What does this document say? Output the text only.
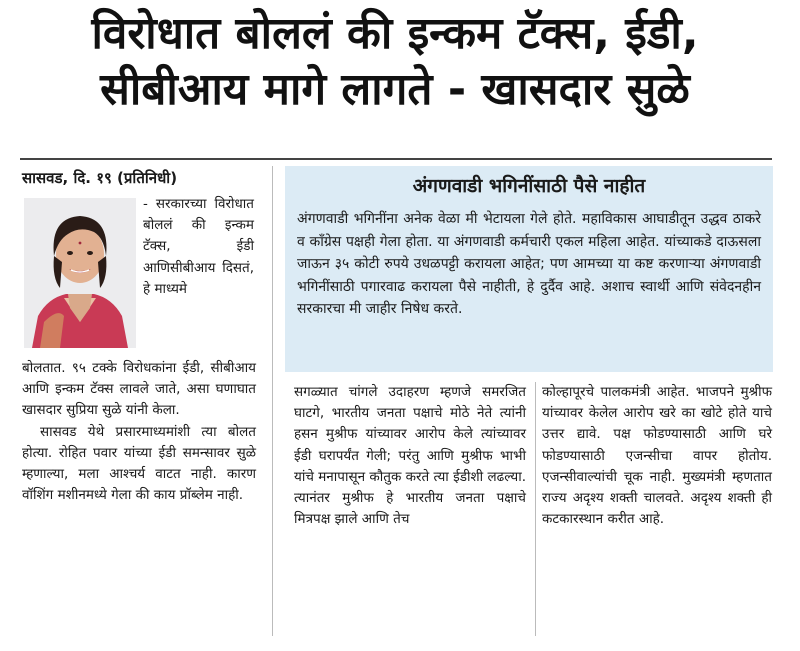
विरोधात बोललं की इन्कम टॅक्स, ईडी,
सीबीआय मागे लागते - खासदार सुळे
सासवड, दि. १९ (प्रतिनिधी)
- सरकारच्या विरोधात बोललं की इन्कम टॅक्स, ईडी आणिसीबीआय दिसतं, हे माध्यमे

बोलतात. ९५ टक्के विरोधकांना ईडी, सीबीआय आणि इन्कम टॅक्स लावले जाते, असा घणाघात खासदार सुप्रिया सुळे यांनी केला.

सासवड येथे प्रसारमाध्यमांशी त्या बोलत होत्या. रोहित पवार यांच्या ईडी समन्सावर सुळे म्हणाल्या, मला आश्चर्य वाटत नाही. कारण वॉशिंग मशीनमध्ये गेला की काय प्रॉब्लेम नाही.

अंगणवाडी भगिनींसाठी पैसे नाहीत
अंगणवाडी भगिनींना अनेक वेळा मी भेटायला गेले होते. महाविकास आघाडीतून उद्धव ठाकरे व काँग्रेस पक्षही गेला होता. या अंगणवाडी कर्मचारी एकल महिला आहेत. यांच्याकडे दाऊसला जाऊन ३५ कोटी रुपये उधळपट्टी करायला आहेत; पण आमच्या या कष्ट करणाऱ्या अंगणवाडी भगिनींसाठी पगारवाढ करायला पैसे नाहीती, हे दुर्दैव आहे. अशाच स्वार्थी आणि संवेदनहीन सरकारचा मी जाहीर निषेध करते.
सगळ्यात चांगले उदाहरण म्हणजे समरजित घाटगे, भारतीय जनता पक्षाचे मोठे नेते त्यांनी हसन मुश्रीफ यांच्यावर आरोप केले त्यांच्यावर ईडी घरापर्यंत गेली; परंतु आणि मुश्रीफ भाभी यांचे मनापासून कौतुक करते त्या ईडीशी लढल्या. त्यानंतर मुश्रीफ हे भारतीय जनता पक्षाचे मित्रपक्ष झाले आणि तेच
कोल्हापूरचे पालकमंत्री आहेत. भाजपने मुश्रीफ यांच्यावर केलेल आरोप खरे का खोटे होते याचे उत्तर द्यावे. पक्ष फोडण्यासाठी आणि घरे फोडण्यासाठी एजन्सीचा वापर होतोय. एजन्सीवाल्यांची चूक नाही. मुख्यमंत्री म्हणतात राज्य अदृश्य शक्ती चालवते. अदृश्य शक्ती ही कटकारस्थान करीत आहे.
